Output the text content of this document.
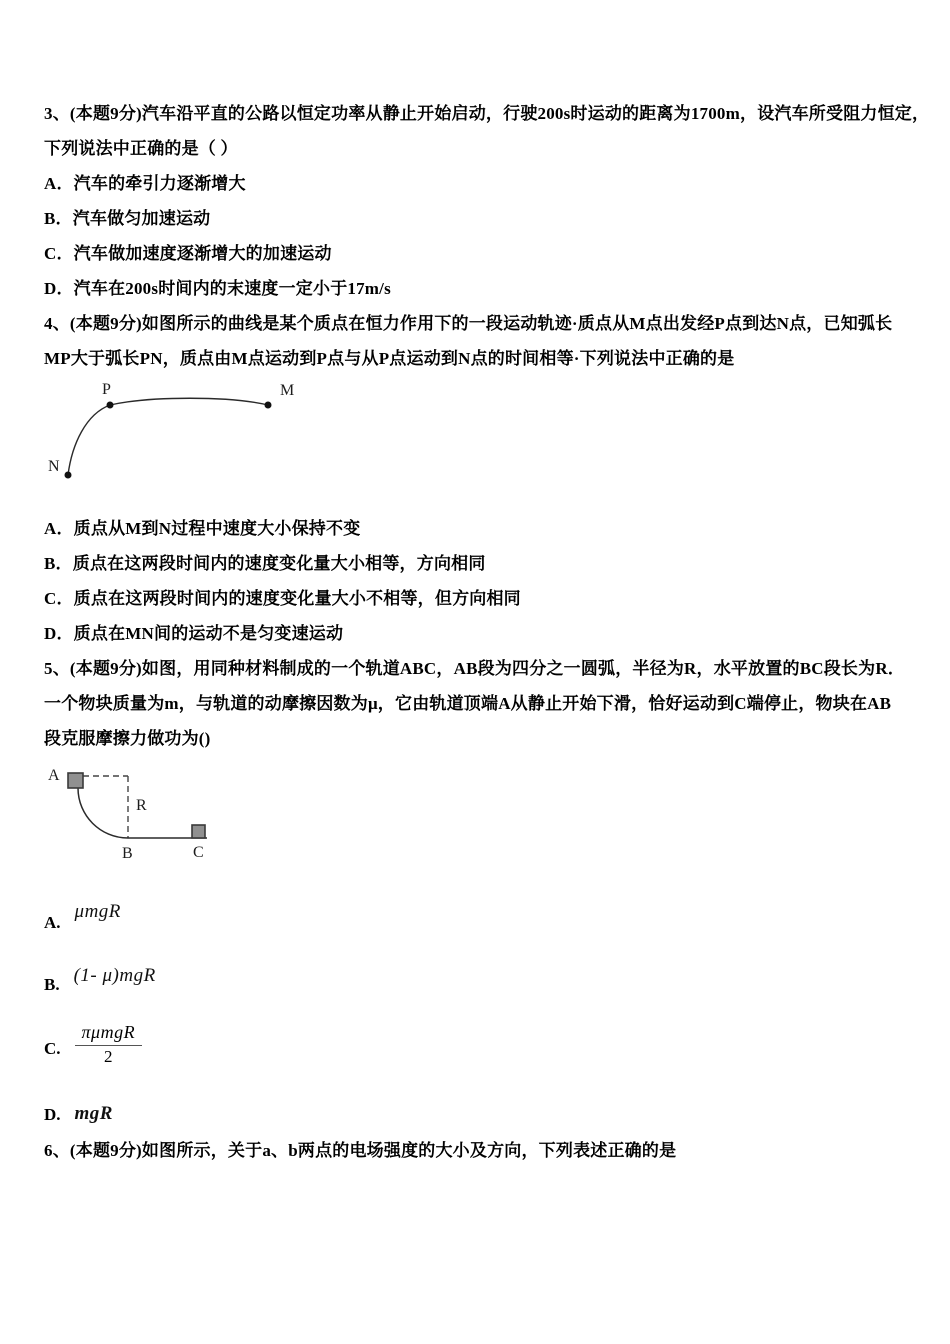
3、(本题9分)汽车沿平直的公路以恒定功率从静止开始启动，行驶200s时运动的距离为1700m，设汽车所受阻力恒定，

下列说法中正确的是（ ）

A．汽车的牵引力逐渐增大

B．汽车做匀加速运动

C．汽车做加速度逐渐增大的加速运动

D．汽车在200s时间内的末速度一定小于17m/s

4、(本题9分)如图所示的曲线是某个质点在恒力作用下的一段运动轨迹·质点从M点出发经P点到达N点，已知弧长

MP大于弧长PN，质点由M点运动到P点与从P点运动到N点的时间相等·下列说法中正确的是

P	M
N

A．质点从M到N过程中速度大小保持不变

B．质点在这两段时间内的速度变化量大小相等，方向相同

C．质点在这两段时间内的速度变化量大小不相等，但方向相同

D．质点在MN间的运动不是匀变速运动

5、(本题9分)如图，用同种材料制成的一个轨道ABC，AB段为四分之一圆弧，半径为R，水平放置的BC段长为R．

一个物块质量为m，与轨道的动摩擦因数为μ，它由轨道顶端A从静止开始下滑，恰好运动到C端停止，物块在AB

段克服摩擦力做功为()

A
R
B	C
A.
μmgR
B. (1- μ)mgR
C. $\frac{\text{πμmgR}}{2}$
D. mgR

6、(本题9分)如图所示，关于a、b两点的电场强度的大小及方向，下列表述正确的是
